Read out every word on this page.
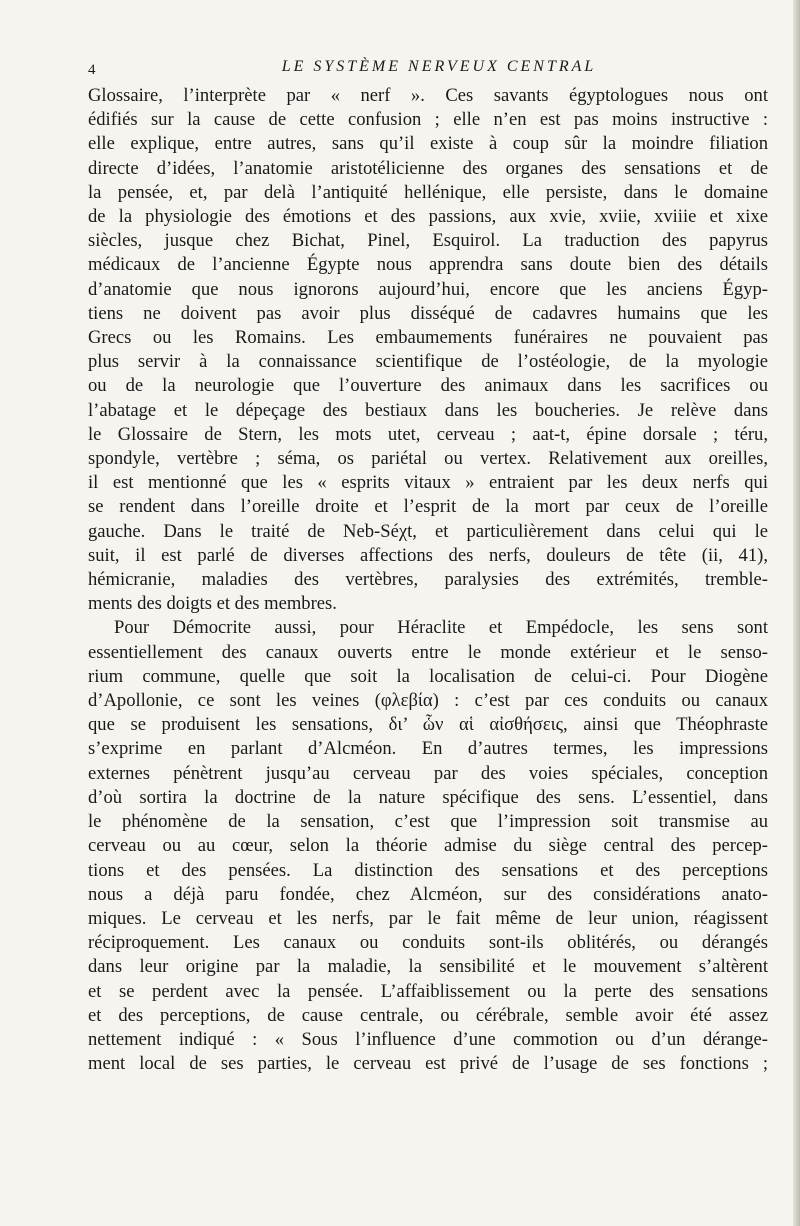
4	LE SYSTÈME NERVEUX CENTRAL
Glossaire, l’interprète par « nerf ». Ces savants égyptologues nous ont
édifiés sur la cause de cette confusion ; elle n’en est pas moins instructive :
elle explique, entre autres, sans qu’il existe à coup sûr la moindre filiation
directe d’idées, l’anatomie aristotélicienne des organes des sensations et de
la pensée, et, par delà l’antiquité hellénique, elle persiste, dans le domaine
de la physiologie des émotions et des passions, aux xvie, xviie, xviiie et xixe
siècles, jusque chez Bichat, Pinel, Esquirol. La traduction des papyrus
médicaux de l’ancienne Égypte nous apprendra sans doute bien des détails
d’anatomie que nous ignorons aujourd’hui, encore que les anciens Égyp-
tiens ne doivent pas avoir plus disséqué de cadavres humains que les
Grecs ou les Romains. Les embaumements funéraires ne pouvaient pas
plus servir à la connaissance scientifique de l’ostéologie, de la myologie
ou de la neurologie que l’ouverture des animaux dans les sacrifices ou
l’abatage et le dépeçage des bestiaux dans les boucheries. Je relève dans
le Glossaire de Stern, les mots utet, cerveau ; aat-t, épine dorsale ; téru,
spondyle, vertèbre ; séma, os pariétal ou vertex. Relativement aux oreilles,
il est mentionné que les « esprits vitaux » entraient par les deux nerfs qui
se rendent dans l’oreille droite et l’esprit de la mort par ceux de l’oreille
gauche. Dans le traité de Neb-Séχt, et particulièrement dans celui qui le
suit, il est parlé de diverses affections des nerfs, douleurs de tête (ii, 41),
hémicranie, maladies des vertèbres, paralysies des extrémités, tremble-
ments des doigts et des membres.
Pour Démocrite aussi, pour Héraclite et Empédocle, les sens sont
essentiellement des canaux ouverts entre le monde extérieur et le senso-
rium commune, quelle que soit la localisation de celui-ci. Pour Diogène
d’Apollonie, ce sont les veines (φλεβία) : c’est par ces conduits ou canaux
que se produisent les sensations, δι’ ὧν αἱ αἰσθήσεις, ainsi que Théophraste
s’exprime en parlant d’Alcméon. En d’autres termes, les impressions
externes pénètrent jusqu’au cerveau par des voies spéciales, conception
d’où sortira la doctrine de la nature spécifique des sens. L’essentiel, dans
le phénomène de la sensation, c’est que l’impression soit transmise au
cerveau ou au cœur, selon la théorie admise du siège central des percep-
tions et des pensées. La distinction des sensations et des perceptions
nous a déjà paru fondée, chez Alcméon, sur des considérations anato-
miques. Le cerveau et les nerfs, par le fait même de leur union, réagissent
réciproquement. Les canaux ou conduits sont-ils oblitérés, ou dérangés
dans leur origine par la maladie, la sensibilité et le mouvement s’altèrent
et se perdent avec la pensée. L’affaiblissement ou la perte des sensations
et des perceptions, de cause centrale, ou cérébrale, semble avoir été assez
nettement indiqué : « Sous l’influence d’une commotion ou d’un dérange-
ment local de ses parties, le cerveau est privé de l’usage de ses fonctions ;
